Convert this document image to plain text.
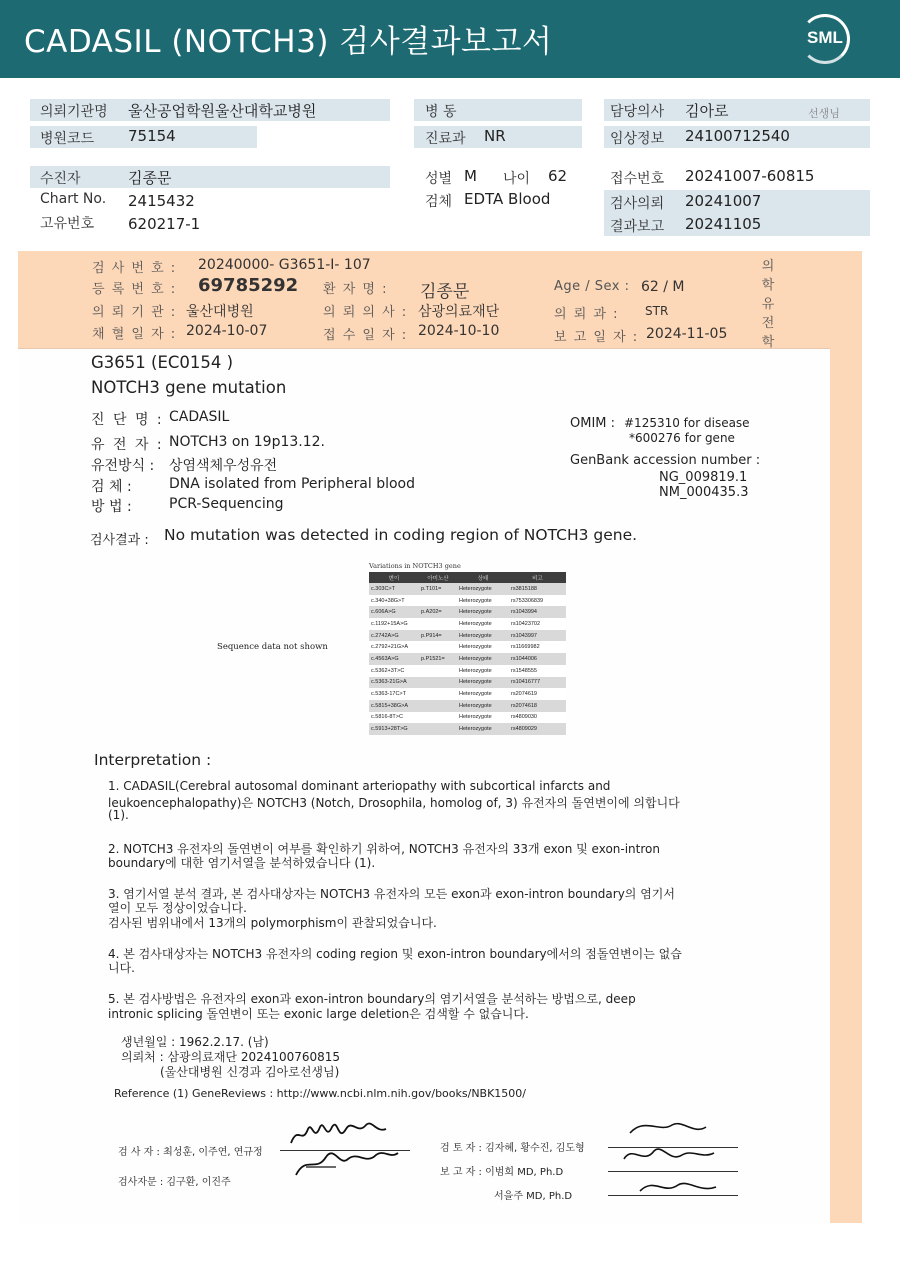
CADASIL (NOTCH3) 검사결과보고서	SML
의뢰기관명 울산공업학원울산대학교병원
병원코드 75154
병 동
진료과 NR
담당의사 김아로	선생님
임상정보 24100712540
수진자	김종문
Chart No. 2415432
고유번호 620217-1
성별 M 나이 62
검체 EDTA Blood
접수번호 20241007-60815
검사의뢰 20241007
결과보고 20241105
검 사 번 호 : 20240000- G3651-I- 107
등 록 번 호 : 69785292 환 자 명 : 김종문	Age / Sex : 62 / M
의 뢰 기 관 : 울산대병원	의 뢰 의 사 : 삼광의료재단	의 뢰 과 : STR
채 혈 일 자 : 2024-10-07	접 수 일 자 : 2024-10-10	보 고 일 자 : 2024-11-05
의학유전학
G3651 (EC0154 )
NOTCH3 gene mutation
진 단 명 : CADASIL
유 전 자 : NOTCH3 on 19p13.12.
유전방식 : 상염색체우성유전
검 체 :	DNA isolated from Peripheral blood
방 법 :	PCR-Sequencing
OMIM : #125310 for disease
*600276 for gene
GenBank accession number :
NG_009819.1
NM_000435.3
검사결과 : No mutation was detected in coding region of NOTCH3 gene.
Sequence data not shown
Interpretation :
1. CADASIL(Cerebral autosomal dominant arteriopathy with subcortical infarcts and
leukoencephalopathy)은 NOTCH3 (Notch, Drosophila, homolog of, 3) 유전자의 돌연변이에 의합니다
(1).
2. NOTCH3 유전자의 돌연변이 여부를 확인하기 위하여, NOTCH3 유전자의 33개 exon 및 exon-intron
boundary에 대한 염기서열을 분석하였습니다 (1).
3. 염기서열 분석 결과, 본 검사대상자는 NOTCH3 유전자의 모든 exon과 exon-intron boundary의 염기서
열이 모두 정상이었습니다.
검사된 범위내에서 13개의 polymorphism이 관찰되었습니다.
4. 본 검사대상자는 NOTCH3 유전자의 coding region 및 exon-intron boundary에서의 점돌연변이는 없습
니다.
5. 본 검사방법은 유전자의 exon과 exon-intron boundary의 염기서열을 분석하는 방법으로, deep
intronic splicing 돌연변이 또는 exonic large deletion은 검색할 수 없습니다.
생년월일 : 1962.2.17. (남)
의뢰처 : 삼광의료재단 2024100760815
(울산대병원 신경과 김아로선생님)
Reference (1) GeneReviews : http://www.ncbi.nlm.nih.gov/books/NBK1500/
검 사 자 : 최성훈, 이주연, 연규정
검사자문 : 김구환, 이진주
검 토 자 : 김자혜, 황수진, 김도형
보 고 자 : 이범희 MD, Ph.D
서을주 MD, Ph.D
Variations in NOTCH3 gene
변이	아미노산	상태	비고
c.303C>T	p.T101=	Heterozygote	rs3815188
c.340+38G>T		Heterozygote	rs753306839
c.606A>G	p.A202=	Heterozygote	rs1043994
c.1192+15A>G		Heterozygote	rs10423702
c.2742A>G	p.P914=	Heterozygote	rs1043997
c.2792+21G>A		Heterozygote	rs11669982
c.4563A>G	p.P1521=	Heterozygote	rs1044006
c.5362+3T>C		Heterozygote	rs1548555
c.5363-21G>A		Heterozygote	rs10416777
c.5363-17C>T		Heterozygote	rs2074619
c.5815+38G>A		Heterozygote	rs2074618
c.5816-8T>C		Heterozygote	rs4809030
c.5913+28T>G		Heterozygote	rs4809029
